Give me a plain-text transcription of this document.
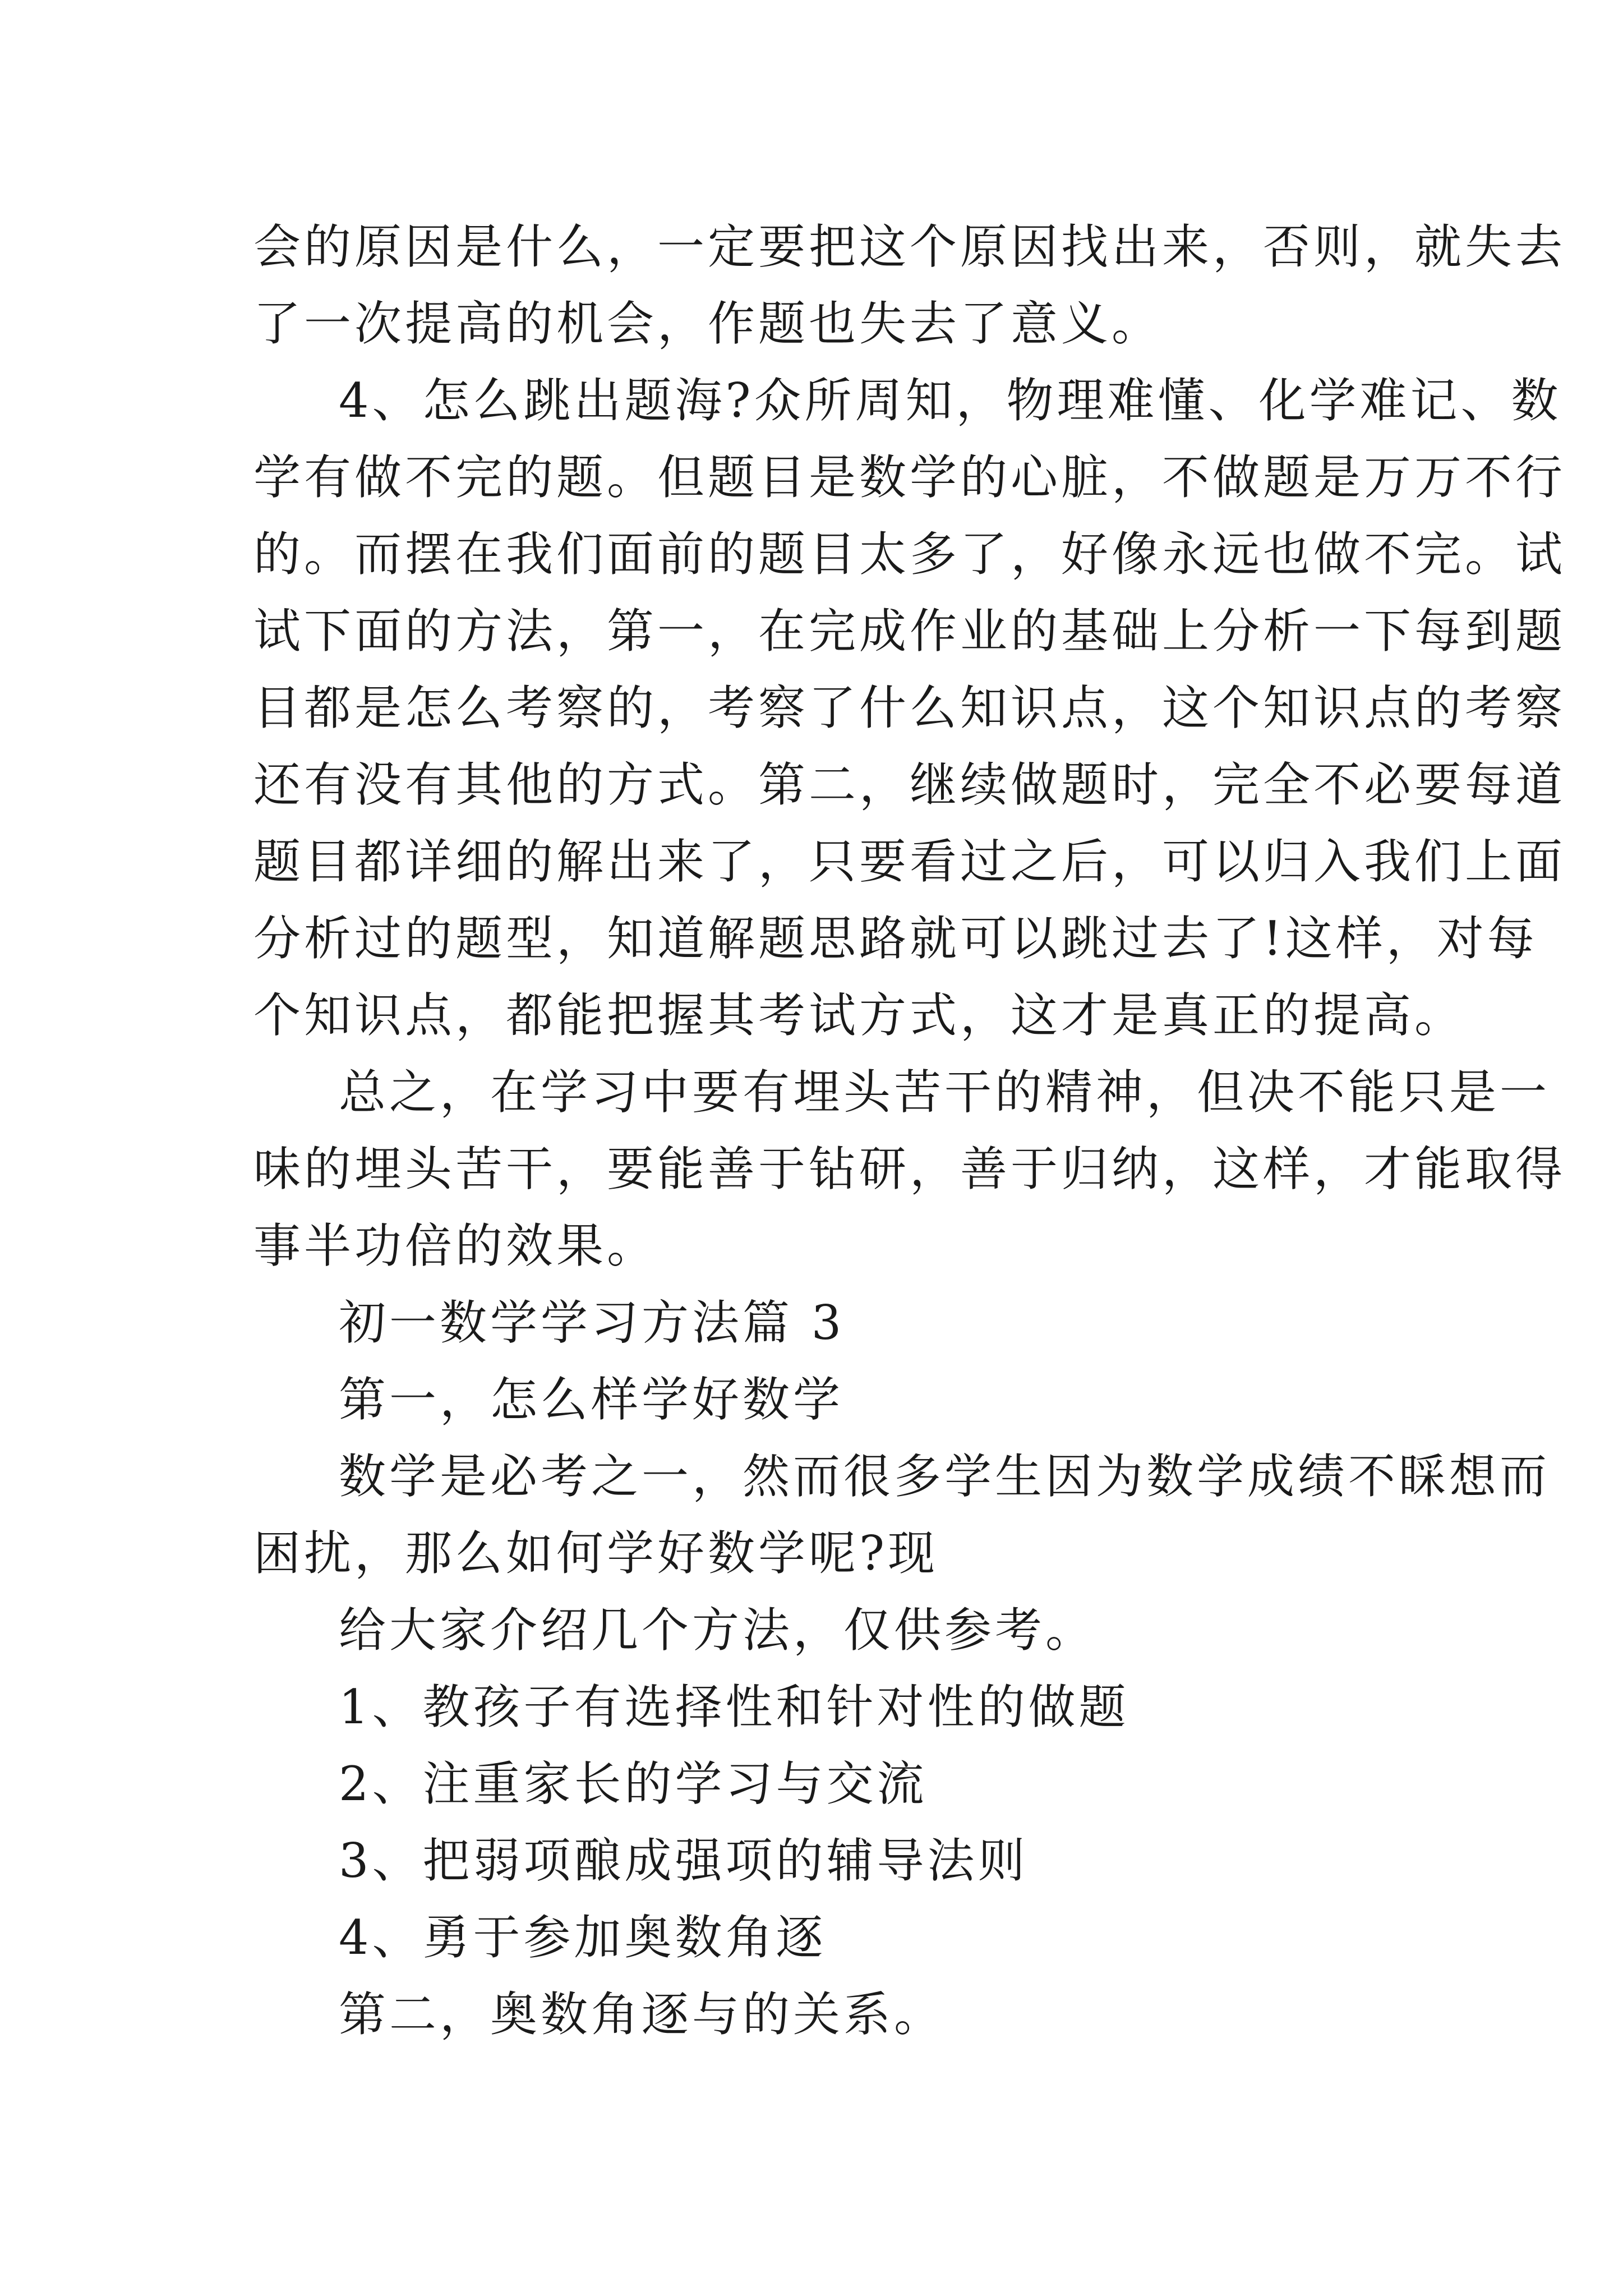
会的原因是什么，一定要把这个原因找出来，否则，就失去
了一次提高的机会，作题也失去了意义。
4、怎么跳出题海?众所周知，物理难懂、化学难记、数
学有做不完的题。但题目是数学的心脏，不做题是万万不行
的。而摆在我们面前的题目太多了，好像永远也做不完。试
试下面的方法，第一，在完成作业的基础上分析一下每到题
目都是怎么考察的，考察了什么知识点，这个知识点的考察
还有没有其他的方式。第二，继续做题时，完全不必要每道
题目都详细的解出来了，只要看过之后，可以归入我们上面
分析过的题型，知道解题思路就可以跳过去了!这样，对每
个知识点，都能把握其考试方式，这才是真正的提高。
总之，在学习中要有埋头苦干的精神，但决不能只是一
味的埋头苦干，要能善于钻研，善于归纳，这样，才能取得
事半功倍的效果。
初一数学学习方法篇 3
第一，怎么样学好数学
数学是必考之一，然而很多学生因为数学成绩不睬想而
困扰，那么如何学好数学呢?现
给大家介绍几个方法，仅供参考。
1、教孩子有选择性和针对性的做题
2、注重家长的学习与交流
3、把弱项酿成强项的辅导法则
4、勇于参加奥数角逐
第二，奥数角逐与的关系。
